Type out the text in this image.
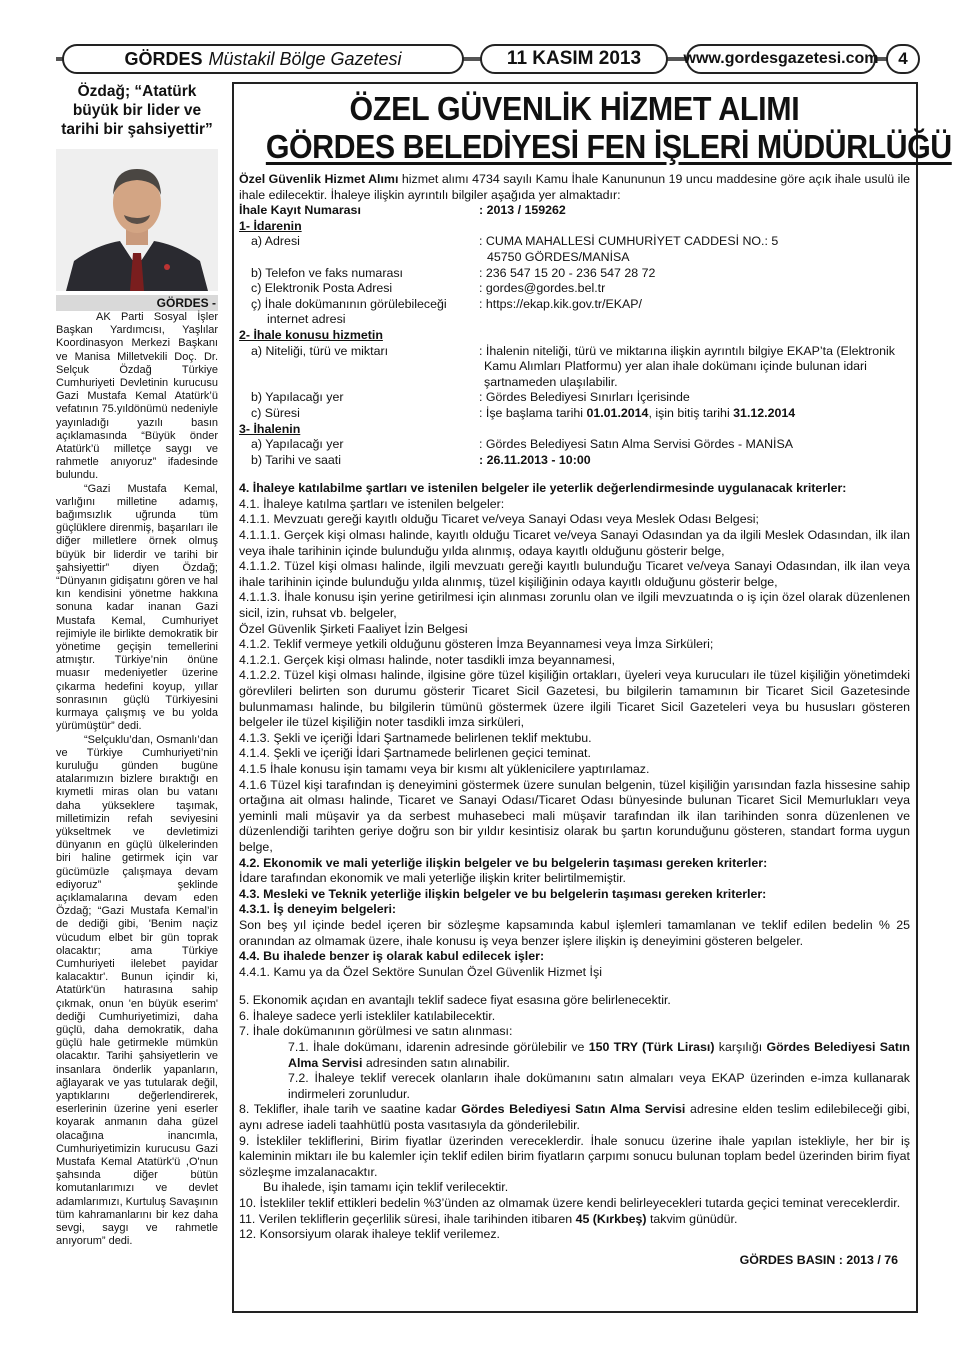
GÖRDES Müstakil Bölge Gazetesi	11 KASIM 2013	www.gordesgazetesi.com	4
Özdağ; “Atatürk büyük bir lider ve tarihi bir şahsiyettir”
GÖRDES -

AK Parti Sosyal İşler Başkan Yardımcısı, Yaşlılar Koordinasyon Merkezi Başkanı ve Manisa Milletvekili Doç. Dr. Selçuk Özdağ Türkiye Cumhuriyeti Devletinin kurucusu Gazi Mustafa Kemal Atatürk’ü vefatının 75.yıldönümü nedeniyle yayınladığı yazılı basın açıklamasında “Büyük önder Atatürk’ü milletçe saygı ve rahmetle anıyoruz” ifadesinde bulundu.

“Gazi Mustafa Kemal, varlığını milletine adamış, bağımsızlık uğrunda tüm güçlüklere direnmiş, başarıları ile diğer milletlere örnek olmuş büyük bir liderdir ve tarihi bir şahsiyettir” diyen Özdağ; “Dünyanın gidişatını gören ve hal kın kendisini yönetme hakkına sonuna kadar inanan Gazi Mustafa Kemal, Cumhuriyet rejimiyle ile birlikte demokratik bir yönetime geçişin temellerini atmıştır. Türkiye’nin önüne muasır medeniyetler üzerine çıkarma hedefini koyup, yıllar sonrasının güçlü Türkiyesini kurmaya çalışmış ve bu yolda yürümüştür” dedi.

“Selçuklu’dan, Osmanlı’dan ve Türkiye Cumhuriyeti’nin kuruluğu günden bugüne atalarımızın bizlere bıraktığı en kıymetli miras olan bu vatanı daha yükseklere taşımak, milletimizin refah seviyesini yükseltmek ve devletimizi dünyanın en güçlü ülkelerinden biri haline getirmek için var gücümüzle çalışmaya devam ediyoruz” şeklinde açıklamalarına devam eden Özdağ; “Gazi Mustafa Kemal’in de dediği gibi, 'Benim naçiz vücudum elbet bir gün toprak olacaktır; ama Türkiye Cumhuriyeti ilelebet payidar kalacaktır'. Bunun içindir ki, Atatürk'ün hatırasına sahip çıkmak, onun 'en büyük eserim' dediği Cumhuriyetimizi, daha güçlü, daha demokratik, daha güçlü hale getirmekle mümkün olacaktır. Tarihi şahsiyetlerin ve insanlara önderlik yapanların, ağlayarak ve yas tutularak değil, yaptıklarını değerlendirerek, eserlerinin üzerine yeni eserler koyarak anmanın daha güzel olacağına inancımla, Cumhuriyetimizin kurucusu Gazi Mustafa Kemal Atatürk'ü ,O'nun şahsında diğer bütün komutanlarımızı ve devlet adamlarımızı, Kurtuluş Savaşının tüm kahramanlarını bir kez daha sevgi, saygı ve rahmetle anıyorum” dedi.

ÖZEL GÜVENLİK HİZMET ALIMI
GÖRDES BELEDİYESİ FEN İŞLERİ MÜDÜRLÜĞÜ
Özel Güvenlik Hizmet Alımı hizmet alımı 4734 sayılı Kamu İhale Kanununun 19 uncu maddesine göre açık ihale usulü ile ihale edilecektir. İhaleye ilişkin ayrıntılı bilgiler aşağıda yer almaktadır:
İhale Kayıt Numarası	: 2013 / 159262
1- İdarenin
a) Adresi	: CUMA MAHALLESİ CUMHURİYET CADDESİ NO.: 5
45750 GÖRDES/MANİSA
b) Telefon ve faks numarası	: 236 547 15 20 - 236 547 28 72
c) Elektronik Posta Adresi	: gordes@gordes.bel.tr
ç) İhale dokümanının görülebileceği	: https://ekap.kik.gov.tr/EKAP/
internet adresi
2- İhale konusu hizmetin
a) Niteliği, türü ve miktarı	: İhalenin niteliği, türü ve miktarına ilişkin ayrıntılı bilgiye EKAP’ta (Elektronik Kamu Alımları Platformu) yer alan ihale dokümanı içinde bulunan idari şartnameden ulaşılabilir.
b) Yapılacağı yer	: Gördes Belediyesi Sınırları İçerisinde
c) Süresi	: İşe başlama tarihi 01.01.2014, işin bitiş tarihi 31.12.2014
3- İhalenin
a) Yapılacağı yer	: Gördes Belediyesi Satın Alma Servisi Gördes - MANİSA
b) Tarihi ve saati	: 26.11.2013 - 10:00
4. İhaleye katılabilme şartları ve istenilen belgeler ile yeterlik değerlendirmesinde uygulanacak kriterler:
4.1. İhaleye katılma şartları ve istenilen belgeler:
4.1.1. Mevzuatı gereği kayıtlı olduğu Ticaret ve/veya Sanayi Odası veya Meslek Odası Belgesi;
4.1.1.1. Gerçek kişi olması halinde, kayıtlı olduğu Ticaret ve/veya Sanayi Odasından ya da ilgili Meslek Odasından, ilk ilan veya ihale tarihinin içinde bulunduğu yılda alınmış, odaya kayıtlı olduğunu gösterir belge,
4.1.1.2. Tüzel kişi olması halinde, ilgili mevzuatı gereği kayıtlı bulunduğu Ticaret ve/veya Sanayi Odasından, ilk ilan veya ihale tarihinin içinde bulunduğu yılda alınmış, tüzel kişiliğinin odaya kayıtlı olduğunu gösterir belge,
4.1.1.3. İhale konusu işin yerine getirilmesi için alınması zorunlu olan ve ilgili mevzuatında o iş için özel olarak düzenlenen sicil, izin, ruhsat vb. belgeler,
Özel Güvenlik Şirketi Faaliyet İzin Belgesi
4.1.2. Teklif vermeye yetkili olduğunu gösteren İmza Beyannamesi veya İmza Sirküleri;
4.1.2.1. Gerçek kişi olması halinde, noter tasdikli imza beyannamesi,
4.1.2.2. Tüzel kişi olması halinde, ilgisine göre tüzel kişiliğin ortakları, üyeleri veya kurucuları ile tüzel kişiliğin yönetimdeki görevlileri belirten son durumu gösterir Ticaret Sicil Gazetesi, bu bilgilerin tamamının bir Ticaret Sicil Gazetesinde bulunmaması halinde, bu bilgilerin tümünü göstermek üzere ilgili Ticaret Sicil Gazeteleri veya bu hususları gösteren belgeler ile tüzel kişiliğin noter tasdikli imza sirküleri,
4.1.3. Şekli ve içeriği İdari Şartnamede belirlenen teklif mektubu.
4.1.4. Şekli ve içeriği İdari Şartnamede belirlenen geçici teminat.
4.1.5 İhale konusu işin tamamı veya bir kısmı alt yüklenicilere yaptırılamaz.
4.1.6 Tüzel kişi tarafından iş deneyimini göstermek üzere sunulan belgenin, tüzel kişiliğin yarısından fazla hissesine sahip ortağına ait olması halinde, Ticaret ve Sanayi Odası/Ticaret Odası bünyesinde bulunan Ticaret Sicil Memurlukları veya yeminli mali müşavir ya da serbest muhasebeci mali müşavir tarafından ilk ilan tarihinden sonra düzenlenen ve düzenlendiği tarihten geriye doğru son bir yıldır kesintisiz olarak bu şartın korunduğunu gösteren, standart forma uygun belge,
4.2. Ekonomik ve mali yeterliğe ilişkin belgeler ve bu belgelerin taşıması gereken kriterler:
İdare tarafından ekonomik ve mali yeterliğe ilişkin kriter belirtilmemiştir.
4.3. Mesleki ve Teknik yeterliğe ilişkin belgeler ve bu belgelerin taşıması gereken kriterler:
4.3.1. İş deneyim belgeleri:
Son beş yıl içinde bedel içeren bir sözleşme kapsamında kabul işlemleri tamamlanan ve teklif edilen bedelin % 25 oranından az olmamak üzere, ihale konusu iş veya benzer işlere ilişkin iş deneyimini gösteren belgeler.
4.4. Bu ihalede benzer iş olarak kabul edilecek işler:
4.4.1. Kamu ya da Özel Sektöre Sunulan Özel Güvenlik Hizmet İşi
5. Ekonomik açıdan en avantajlı teklif sadece fiyat esasına göre belirlenecektir.
6. İhaleye sadece yerli istekliler katılabilecektir.
7. İhale dokümanının görülmesi ve satın alınması:
7.1. İhale dokümanı, idarenin adresinde görülebilir ve 150 TRY (Türk Lirası) karşılığı Gördes Belediyesi Satın Alma Servisi adresinden satın alınabilir.
7.2. İhaleye teklif verecek olanların ihale dokümanını satın almaları veya EKAP üzerinden e-imza kullanarak indirmeleri zorunludur.
8. Teklifler, ihale tarih ve saatine kadar Gördes Belediyesi Satın Alma Servisi adresine elden teslim edilebileceği gibi, aynı adrese iadeli taahhütlü posta vasıtasıyla da gönderilebilir.
9. İstekliler tekliflerini, Birim fiyatlar üzerinden vereceklerdir. İhale sonucu üzerine ihale yapılan istekliyle, her bir iş kaleminin miktarı ile bu kalemler için teklif edilen birim fiyatların çarpımı sonucu bulunan toplam bedel üzerinden birim fiyat sözleşme imzalanacaktır.
Bu ihalede, işin tamamı için teklif verilecektir.
10. İstekliler teklif ettikleri bedelin %3’ünden az olmamak üzere kendi belirleyecekleri tutarda geçici teminat vereceklerdir.
11. Verilen tekliflerin geçerlilik süresi, ihale tarihinden itibaren 45 (Kırkbeş) takvim günüdür.
12. Konsorsiyum olarak ihaleye teklif verilemez.
GÖRDES BASIN : 2013 / 76
